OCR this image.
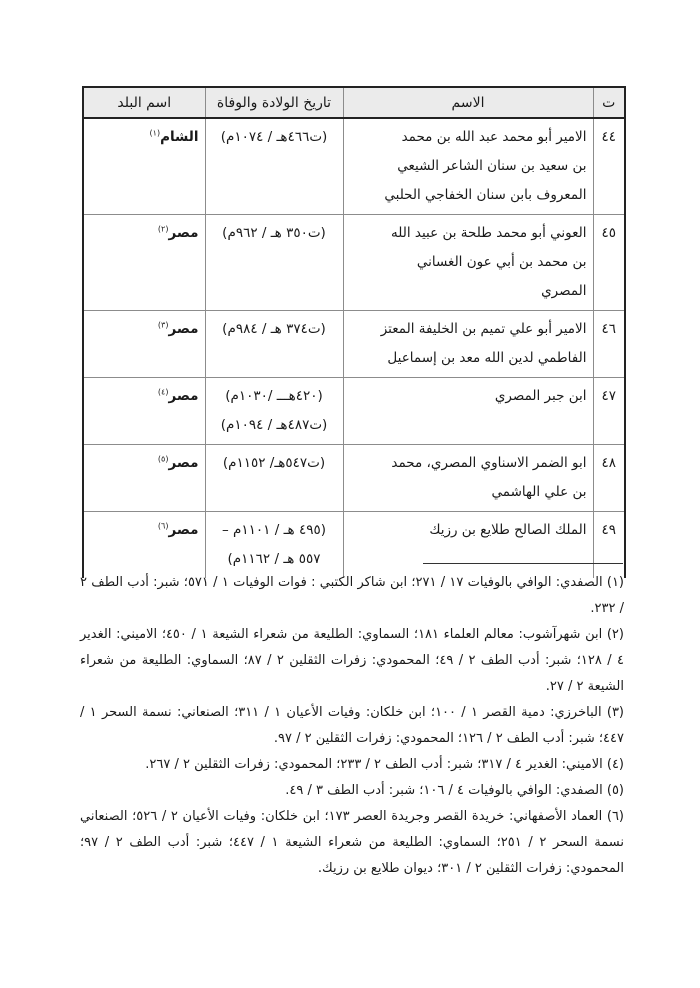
ت	الاسم	تاريخ الولادة والوفاة	اسم البلد
٤٤	الامير أبو محمد عبد الله بن محمد
بن سعيد بن سنان الشاعر الشيعي
المعروف بابن سنان الخفاجي الحلبي	(ت٤٦٦هـ / ١٠٧٤م)	الشام$^{(١)}$
٤٥	العوني أبو محمد طلحة بن عبيد الله
بن محمد بن أبي عون الغساني
المصري	(ت٣٥٠ هـ / ٩٦٢م)	مصر$^{(٢)}$
٤٦	الامير أبو علي تميم بن الخليفة المعتز
الفاطمي لدين الله معد بن إسماعيل	(ت٣٧٤ هـ / ٩٨٤م)	مصر$^{(٣)}$
٤٧	ابن جبر المصري	(٤٢٠هـــ /١٠٣٠م)
(ت٤٨٧هـ / ١٠٩٤م)	مصر$^{(٤)}$
٤٨	ابو الضمر الاسناوي المصري، محمد
بن علي الهاشمي	(ت٥٤٧هـ/ ١١٥٢م)	مصر$^{(٥)}$
٤٩	الملك الصالح طلايع بن رزيك	(٤٩٥ هـ / ١١٠١م –
٥٥٧ هـ / ١١٦٢م)	مصر$^{(٦)}$
(١) الصفدي: الوافي بالوفيات ١٧ / ٢٧١؛ ابن شاكر الكتبي : فوات الوفيات ١ / ٥٧١؛ شبر: أدب الطف ٢ / ٢٣٢.
(٢) ابن شهرآشوب: معالم العلماء ١٨١؛ السماوي: الطليعة من شعراء الشيعة ١ / ٤٥٠؛ الاميني: الغدير ٤ / ١٢٨؛ شبر: أدب الطف ٢ / ٤٩؛ المحمودي: زفرات الثقلين ٢ / ٨٧؛ السماوي: الطليعة من شعراء الشيعة ٢ / ٢٧.
(٣) الباخرزي: دمية القصر ١ / ١٠٠؛ ابن خلكان: وفيات الأعيان ١ / ٣١١؛ الصنعاني: نسمة السحر ١ / ٤٤٧؛ شبر: أدب الطف ٢ / ١٢٦؛ المحمودي: زفرات الثقلين ٢ / ٩٧.
(٤) الاميني: الغدير ٤ / ٣١٧؛ شبر: أدب الطف ٢ / ٢٣٣؛ المحمودي: زفرات الثقلين ٢ / ٢٦٧.
(٥) الصفدي: الوافي بالوفيات ٤ / ١٠٦؛ شبر: أدب الطف ٣ / ٤٩.
(٦) العماد الأصفهاني: خريدة القصر وجريدة العصر ١٧٣؛ ابن خلكان: وفيات الأعيان ٢ / ٥٢٦؛ الصنعاني نسمة السحر ٢ / ٢٥١؛ السماوي: الطليعة من شعراء الشيعة ١ / ٤٤٧؛ شبر: أدب الطف ٢ / ٩٧؛ المحمودي: زفرات الثقلين ٢ / ٣٠١؛ ديوان طلايع بن رزيك.
